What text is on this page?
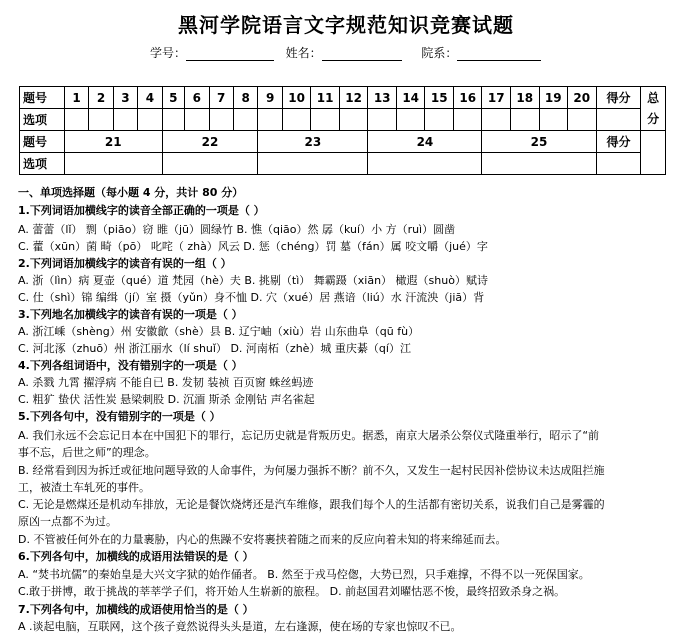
黑河学院语言文字规范知识竞赛试题
学号：	姓名：	院系：
题号	1	2	3	4	5	6	7	8	9	10	11	12	13	14	15	16	17	18	19	20	得分	总
分

选项																						
题号	21				22				23				24				25				得分	
选项																						
一、单项选择题（每小题 4 分，共计 80 分）
1.下列词语加横线字的读音全部正确的一项是（ ）
A. 蕾蕾（lǐ） 剽（piāo）窃 睢（jū）圆绿竹 B. 憔（qiāo）然 孱（kuí）小 方（ruì）圆凿
C. 藿（xūn）菌 畸（pō） 叱咤（ zhà）风云 D. 惩（chéng）罚 墓（fán）属 咬文嚼（jué）字
2.下列词语加横线字的读音有误的一组（ ）
A. 浙（lìn）病 夏壶（qué）道 梵园（hè）夫 B. 挑剔（tì） 舞霸蹑（xiān） 橄遐（shuò）赋诗
C. 仕（shì）锦 编缉（jí）室 摄（yǔn）身不恤 D. 穴（xué）居 燕谙（liú）水 汗流泱（jiā）背
3.下列地名加横线字的读音有误的一项是（ ）
A. 浙江嵊（shèng）州 安徽歙（shè）县 B. 辽宁岫（xiù）岩 山东曲阜（qū fù）
C. 河北涿（zhuō）州 浙江丽水（lí shuǐ） D. 河南柘（zhè）城 重庆綦（qí）江
4.下列各组词语中，没有错别字的一项是（ ）
A. 杀戮 九霄 擢浮病 不能自已 B. 发韧 装祯 百页窗 蛛丝蚂迹
C. 粗犷 蛰伏 活性炭 悬梁刺股 D. 沉湎 斯杀 金刚钻 声名雀起
5.下列各句中，没有错别字的一项是（ ）
A. 我们永远不会忘记日本在中国犯下的罪行，忘记历史就是背叛历史。据悉，南京大屠杀公祭仪式隆重举行，昭示了“前
事不忘，后世之师”的理念。
B. 经常看到因为拆迁或征地问题导致的人命事件，为何屡力强拆不断？前不久，又发生一起村民因补偿协议未达成阻拦施
工，被渣土车轧死的事件。
C. 无论是燃煤还是机动车排放，无论是餐饮烧烤还是汽车维修，跟我们每个人的生活都有密切关系，说我们自己是雾霾的
原凶一点都不为过。
D. 不管被任何外在的力量裹胁，内心的焦躁不安将裹挟着随之而来的反应向着未知的将来绵延而去。
6.下列各句中，加横线的成语用法错误的是（ ）
A. “焚书坑儒”的秦始皇是大兴文字狱的始作俑者。 B. 然至于戎马倥偬，大势已烈，只手难撑，不得不以一死保国家。
C.敢于拼博，敢于挑战的莘莘学子们，将开始人生崭新的旅程。 D. 前赵国君刘曜怙恶不悛，最终招致杀身之祸。
7.下列各句中，加横线的成语使用恰当的是（ ）
A .谈起电脑，互联网，这个孩子竟然说得头头是道，左右逢源，使在场的专家也惊叹不已。
